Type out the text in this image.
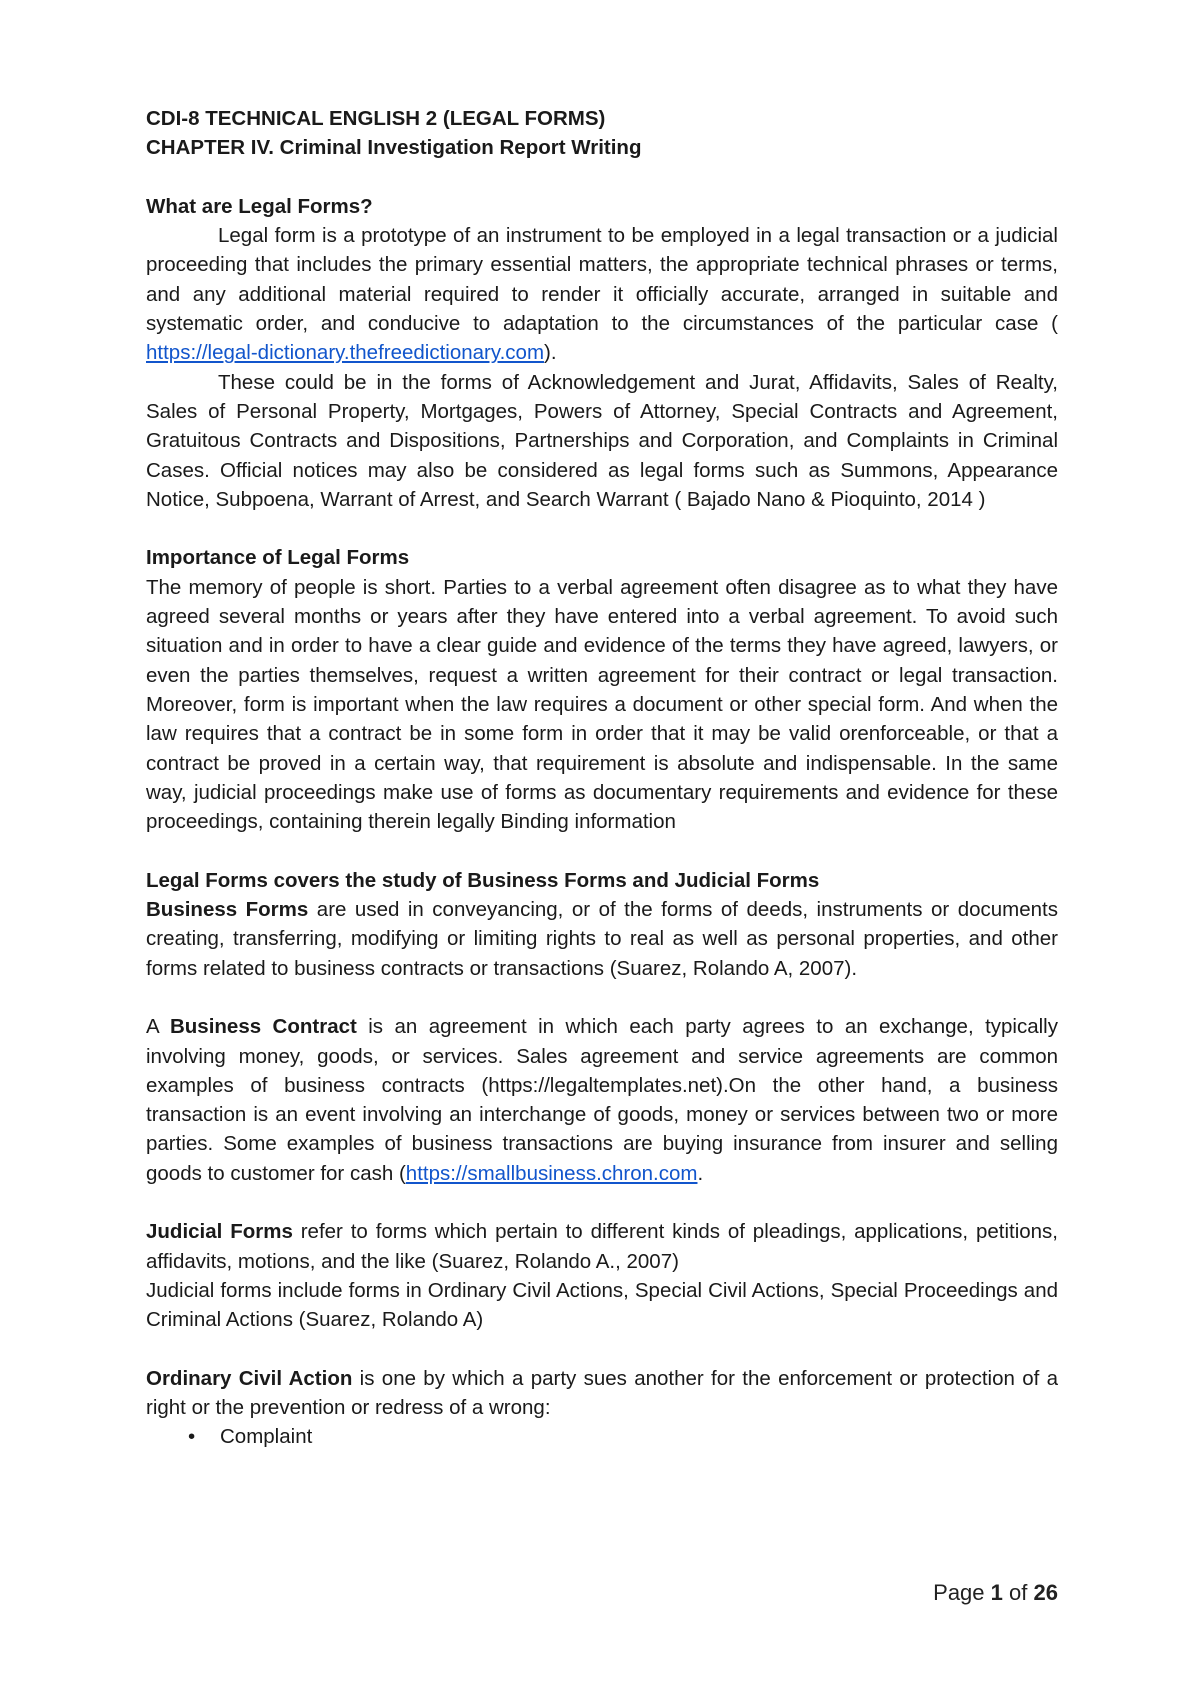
CDI-8 TECHNICAL ENGLISH 2 (LEGAL FORMS)

CHAPTER IV. Criminal Investigation Report Writing

What are Legal Forms?

Legal form is a prototype of an instrument to be employed in a legal transaction or a judicial proceeding that includes the primary essential matters, the appropriate technical phrases or terms, and any additional material required to render it officially accurate, arranged in suitable and systematic order, and conducive to adaptation to the circumstances of the particular case ( https://legal-dictionary.thefreedictionary.com).

These could be in the forms of Acknowledgement and Jurat, Affidavits, Sales of Realty, Sales of Personal Property, Mortgages, Powers of Attorney, Special Contracts and Agreement, Gratuitous Contracts and Dispositions, Partnerships and Corporation, and Complaints in Criminal Cases. Official notices may also be considered as legal forms such as Summons, Appearance Notice, Subpoena, Warrant of Arrest, and Search Warrant ( Bajado Nano & Pioquinto, 2014 )

Importance of Legal Forms

The memory of people is short. Parties to a verbal agreement often disagree as to what they have agreed several months or years after they have entered into a verbal agreement. To avoid such situation and in order to have a clear guide and evidence of the terms they have agreed, lawyers, or even the parties themselves, request a written agreement for their contract or legal transaction. Moreover, form is important when the law requires a document or other special form. And when the law requires that a contract be in some form in order that it may be valid orenforceable, or that a contract be proved in a certain way, that requirement is absolute and indispensable. In the same way, judicial proceedings make use of forms as documentary requirements and evidence for these proceedings, containing therein legally Binding information

Legal Forms covers the study of Business Forms and Judicial Forms

Business Forms are used in conveyancing, or of the forms of deeds, instruments or documents creating, transferring, modifying or limiting rights to real as well as personal properties, and other forms related to business contracts or transactions (Suarez, Rolando A, 2007).

A Business Contract is an agreement in which each party agrees to an exchange, typically involving money, goods, or services. Sales agreement and service agreements are common examples of business contracts (https://legaltemplates.net).On the other hand, a business transaction is an event involving an interchange of goods, money or services between two or more parties. Some examples of business transactions are buying insurance from insurer and selling goods to customer for cash (https://smallbusiness.chron.com.

Judicial Forms refer to forms which pertain to different kinds of pleadings, applications, petitions, affidavits, motions, and the like (Suarez, Rolando A., 2007)

Judicial forms include forms in Ordinary Civil Actions, Special Civil Actions, Special Proceedings and Criminal Actions (Suarez, Rolando A)

Ordinary Civil Action is one by which a party sues another for the enforcement or protection of a right or the prevention or redress of a wrong:

• Complaint
Page 1 of 26
